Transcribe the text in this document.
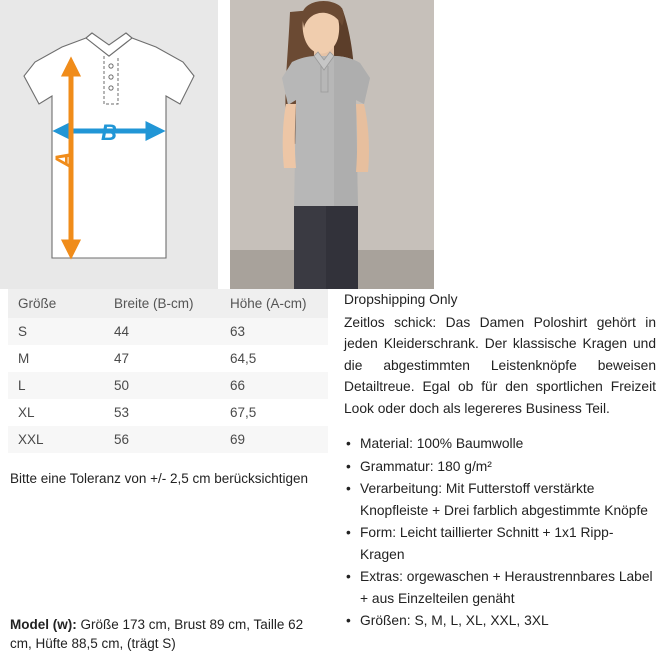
B
A
Größe	Breite (B-cm)	Höhe (A-cm)
S	44	63
M	47	64,5
L	50	66
XL	53	67,5
XXL	56	69
Bitte eine Toleranz von +/- 2,5 cm berücksichtigen
Dropshipping Only
Zeitlos schick: Das Damen Poloshirt gehört in jeden Kleiderschrank. Der klassische Kragen und die abgestimmten Leistenknöpfe beweisen Detailtreue. Egal ob für den sportlichen Freizeit Look oder doch als legereres Business Teil.
• Material: 100% Baumwolle
• Grammatur: 180 g/m²
• Verarbeitung: Mit Futterstoff verstärkte Knopfleiste + Drei farblich abgestimmte Knöpfe
• Form: Leicht taillierter Schnitt + 1x1 Ripp-Kragen
• Extras: orgewaschen + Heraustrennbares Label + aus Einzelteilen genäht
• Größen: S, M, L, XL, XXL, 3XL
Model (w): Größe 173 cm, Brust 89 cm, Taille 62 cm, Hüfte 88,5 cm, (trägt S)
